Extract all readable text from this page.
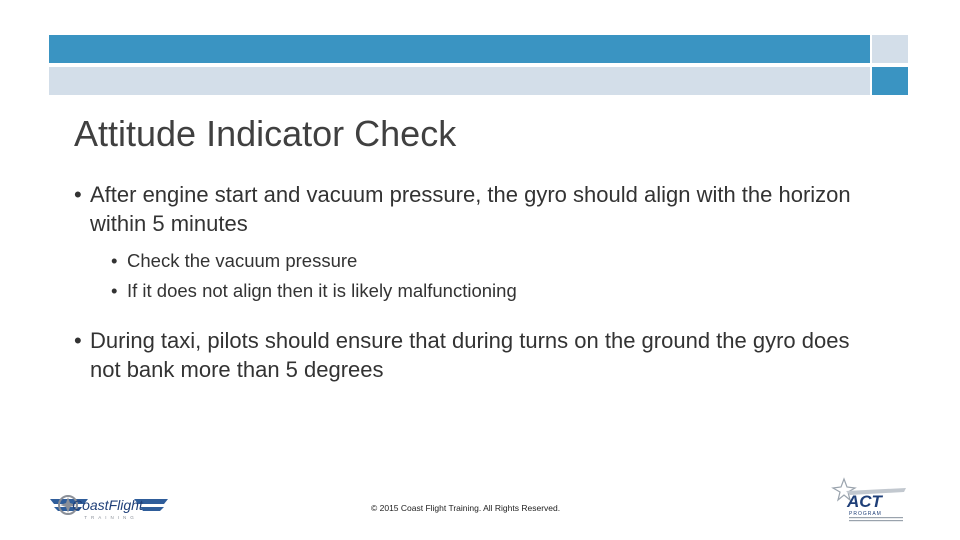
Attitude Indicator Check
• After engine start and vacuum pressure, the gyro should align with the horizon within 5 minutes
• Check the vacuum pressure
• If it does not align then it is likely malfunctioning
• During taxi, pilots should ensure that during turns on the ground the gyro does not bank more than 5 degrees
CoastFlight
TRAINING
© 2015 Coast Flight Training. All Rights Reserved.	ACT
PROGRAM
